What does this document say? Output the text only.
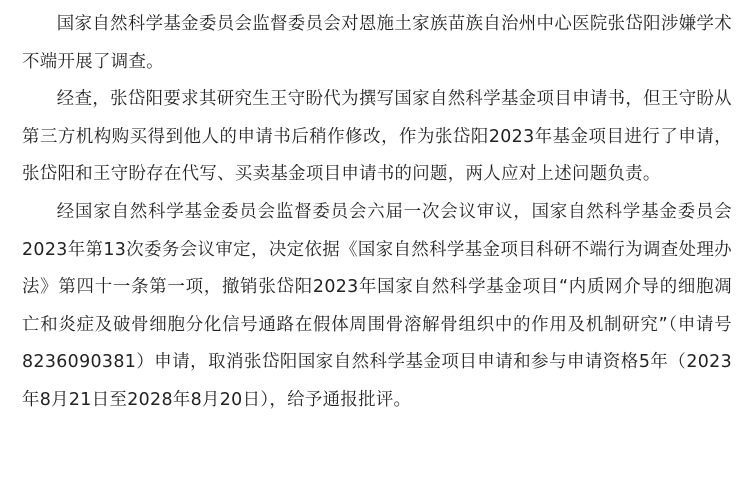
国家自然科学基金委员会监督委员会对恩施土家族苗族自治州中心医院张岱阳涉嫌学术不端开展了调查。

经查，张岱阳要求其研究生王守盼代为撰写国家自然科学基金项目申请书，但王守盼从第三方机构购买得到他人的申请书后稍作修改，作为张岱阳2023年基金项目进行了申请，张岱阳和王守盼存在代写、买卖基金项目申请书的问题，两人应对上述问题负责。

经国家自然科学基金委员会监督委员会六届一次会议审议，国家自然科学基金委员会2023年第13次委务会议审定，决定依据《国家自然科学基金项目科研不端行为调查处理办法》第四十一条第一项，撤销张岱阳2023年国家自然科学基金项目“内质网介导的细胞凋亡和炎症及破骨细胞分化信号通路在假体周围骨溶解骨组织中的作用及机制研究”（申请号8236090381）申请，取消张岱阳国家自然科学基金项目申请和参与申请资格5年（2023年8月21日至2028年8月20日），给予通报批评。
